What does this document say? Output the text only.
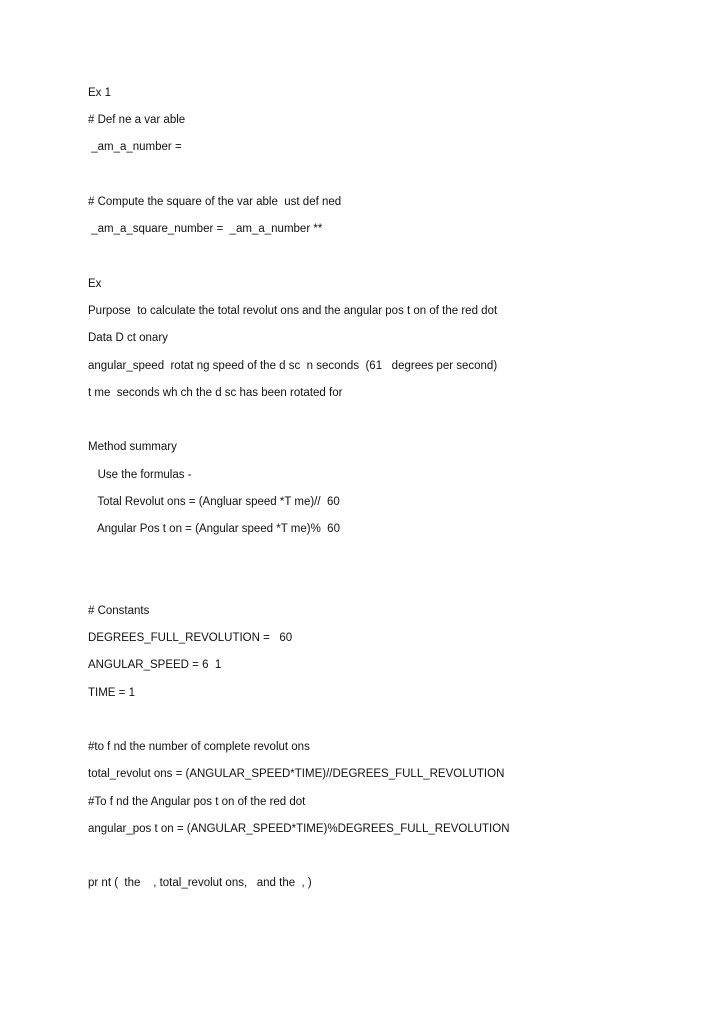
Ex 1
# Def ne a var able
_am_a_number =
# Compute the square of the var able  ust def ned
_am_a_square_number =  _am_a_number **
Ex
Purpose  to calculate the total revolut ons and the angular pos t on of the red dot
Data D ct onary
angular_speed  rotat ng speed of the d sc  n seconds  (61   degrees per second)
t me  seconds wh ch the d sc has been rotated for
Method summary
Use the formulas -
Total Revolut ons = (Angluar speed *T me)//  60
Angular Pos t on = (Angular speed *T me)%  60
# Constants
DEGREES_FULL_REVOLUTION =   60
ANGULAR_SPEED = 6  1
TIME = 1
#to f nd the number of complete revolut ons
total_revolut ons = (ANGULAR_SPEED*TIME)//DEGREES_FULL_REVOLUTION
#To f nd the Angular pos t on of the red dot
angular_pos t on = (ANGULAR_SPEED*TIME)%DEGREES_FULL_REVOLUTION
pr nt (  the    , total_revolut ons,   and the  , )
